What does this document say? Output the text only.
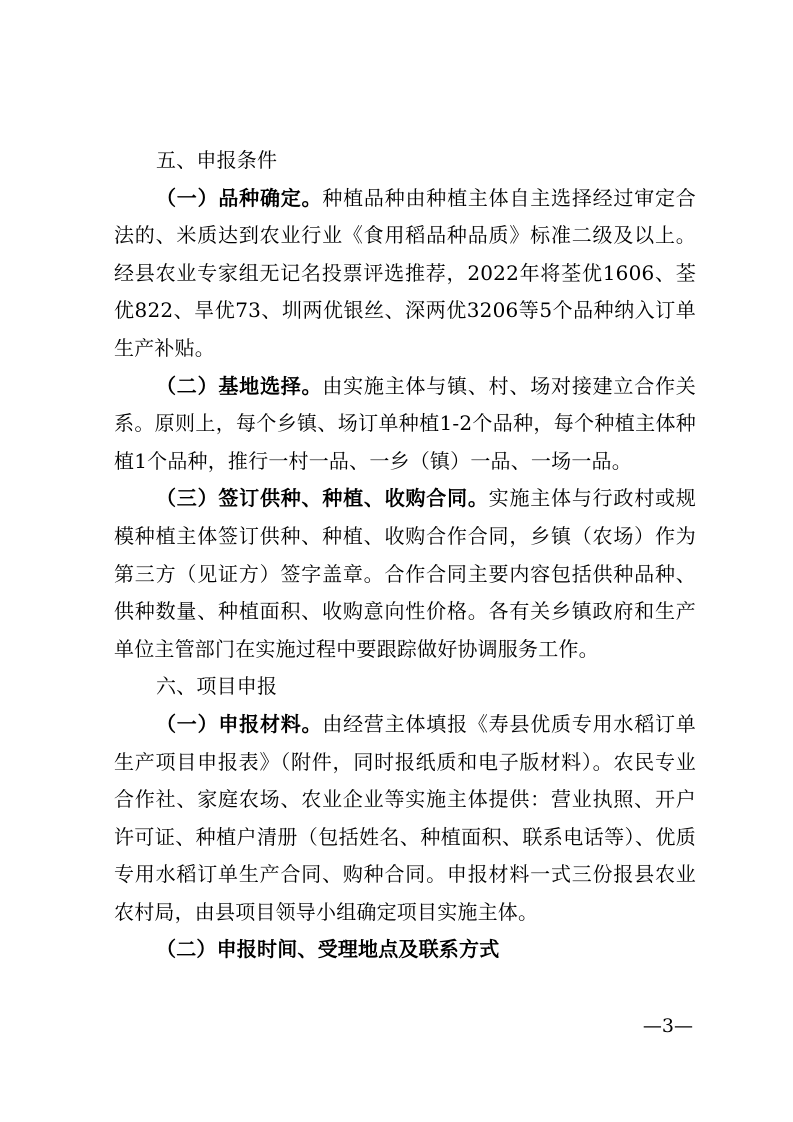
五、申报条件

（一）品种确定。种植品种由种植主体自主选择经过审定合法的、米质达到农业行业《食用稻品种品质》标准二级及以上。经县农业专家组无记名投票评选推荐，2022年将荃优1606、荃优822、旱优73、圳两优银丝、深两优3206等5个品种纳入订单生产补贴。

（二）基地选择。由实施主体与镇、村、场对接建立合作关系。原则上，每个乡镇、场订单种植1-2个品种，每个种植主体种植1个品种，推行一村一品、一乡（镇）一品、一场一品。

（三）签订供种、种植、收购合同。实施主体与行政村或规模种植主体签订供种、种植、收购合作合同，乡镇（农场）作为第三方（见证方）签字盖章。合作合同主要内容包括供种品种、供种数量、种植面积、收购意向性价格。各有关乡镇政府和生产单位主管部门在实施过程中要跟踪做好协调服务工作。

六、项目申报

（一）申报材料。由经营主体填报《寿县优质专用水稻订单生产项目申报表》（附件，同时报纸质和电子版材料）。农民专业合作社、家庭农场、农业企业等实施主体提供：营业执照、开户许可证、种植户清册（包括姓名、种植面积、联系电话等）、优质专用水稻订单生产合同、购种合同。申报材料一式三份报县农业农村局，由县项目领导小组确定项目实施主体。

（二）申报时间、受理地点及联系方式

—3—
